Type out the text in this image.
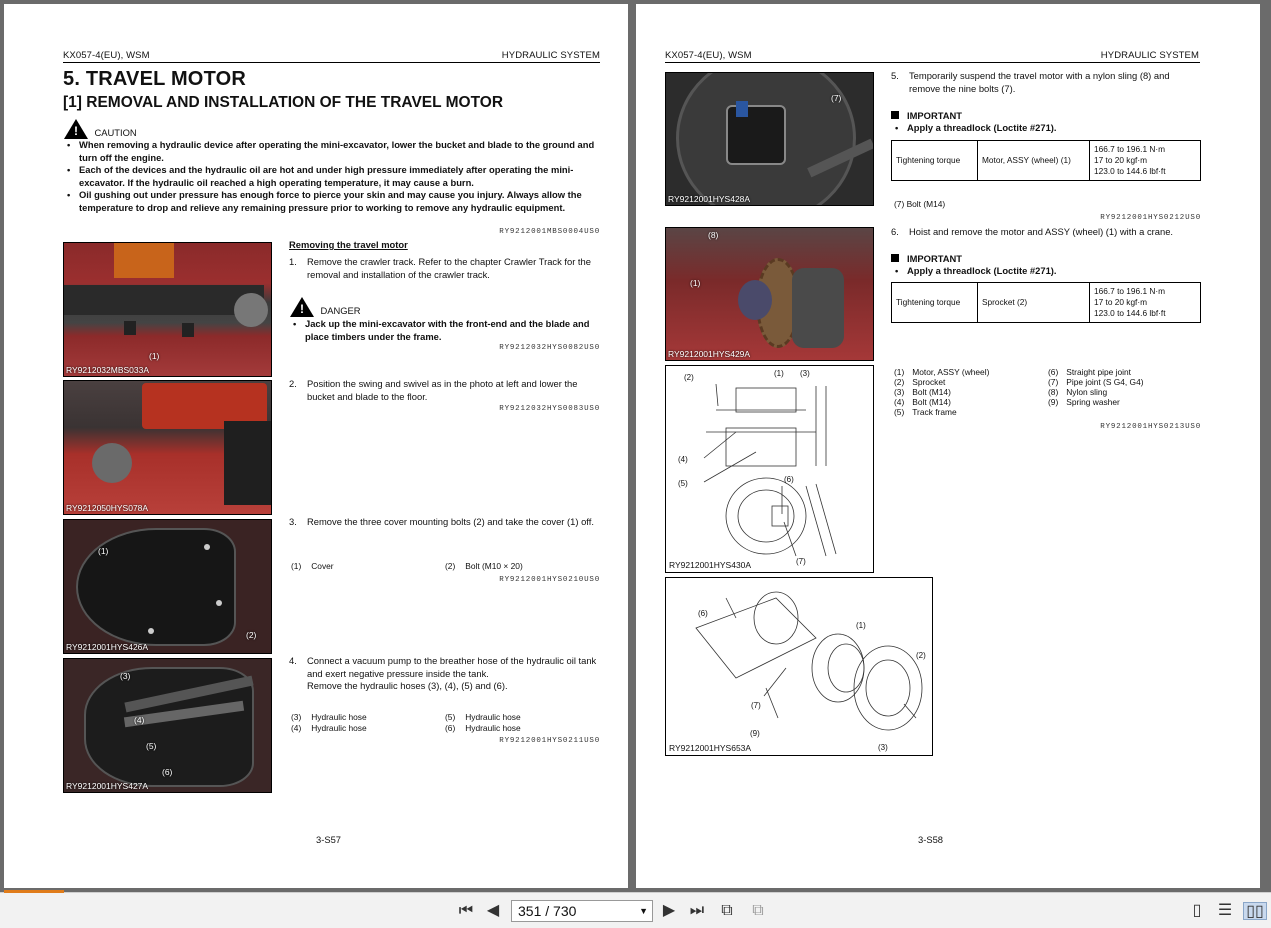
KX057-4(EU), WSM	HYDRAULIC SYSTEM
5. TRAVEL MOTOR
[1] REMOVAL AND INSTALLATION OF THE TRAVEL MOTOR
! CAUTION
• When removing a hydraulic device after operating the mini-excavator, lower the bucket and blade to the ground and turn off the engine.
• Each of the devices and the hydraulic oil are hot and under high pressure immediately after operating the mini-excavator. If the hydraulic oil reached a high operating temperature, it may cause a burn.
• Oil gushing out under pressure has enough force to pierce your skin and may cause you injury. Always allow the temperature to drop and relieve any remaining pressure prior to working to remove any hydraulic equipment.
RY9212001MBS0004US0
(1)
RY9212032MBS033A
RY9212050HYS078A
(1)
(2)
RY9212001HYS426A
(3)
(4)
(5)
(6)
RY9212001HYS427A
Removing the travel motor
1. Remove the crawler track. Refer to the chapter Crawler Track for the removal and installation of the crawler track.
! DANGER
• Jack up the mini-excavator with the front-end and the blade and place timbers under the frame.
RY9212032HYS0082US0
2. Position the swing and swivel as in the photo at left and lower the bucket and blade to the floor.
RY9212032HYS0083US0
3. Remove the three cover mounting bolts (2) and take the cover (1) off.
(1) Cover	(2) Bolt (M10 × 20)
RY9212001HYS0210US0
4. Connect a vacuum pump to the breather hose of the hydraulic oil tank and exert negative pressure inside the tank.
Remove the hydraulic hoses (3), (4), (5) and (6).
(3) Hydraulic hose	(5) Hydraulic hose
(4) Hydraulic hose	(6) Hydraulic hose
RY9212001HYS0211US0
3-S57
KX057-4(EU), WSM	HYDRAULIC SYSTEM
(7)
RY9212001HYS428A
(8)
(1)
RY9212001HYS429A
(2)	(1) (3)
(4)
(5)	(6)
(7)
RY9212001HYS430A
(6)
(1)
(2)
(7)
(9)
(3)
RY9212001HYS653A
5. Temporarily suspend the travel motor with a nylon sling (8) and remove the nine bolts (7).
IMPORTANT
• Apply a threadlock (Loctite #271).
Tightening torque	Motor, ASSY (wheel) (1)	
166.7 to 196.1 N·m
17 to 20 kgf·m
123.0 to 144.6 lbf·ft
(7) Bolt (M14)
RY9212001HYS0212US0
6. Hoist and remove the motor and ASSY (wheel) (1) with a crane.
IMPORTANT
• Apply a threadlock (Loctite #271).
Tightening torque	Sprocket (2)	
166.7 to 196.1 N·m
17 to 20 kgf·m
123.0 to 144.6 lbf·ft
(1) Motor, ASSY (wheel)	(6) Straight pipe joint
(2) Sprocket	(7) Pipe joint (S G4, G4)
(3) Bolt (M14)	(8) Nylon sling
(4) Bolt (M14)	(9) Spring washer
(5) Track frame
RY9212001HYS0213US0
3-S58
⏮ ◀	351 / 730	▼ ▶ ⏭	⧉	⧉	▯	☰ ▯▯
